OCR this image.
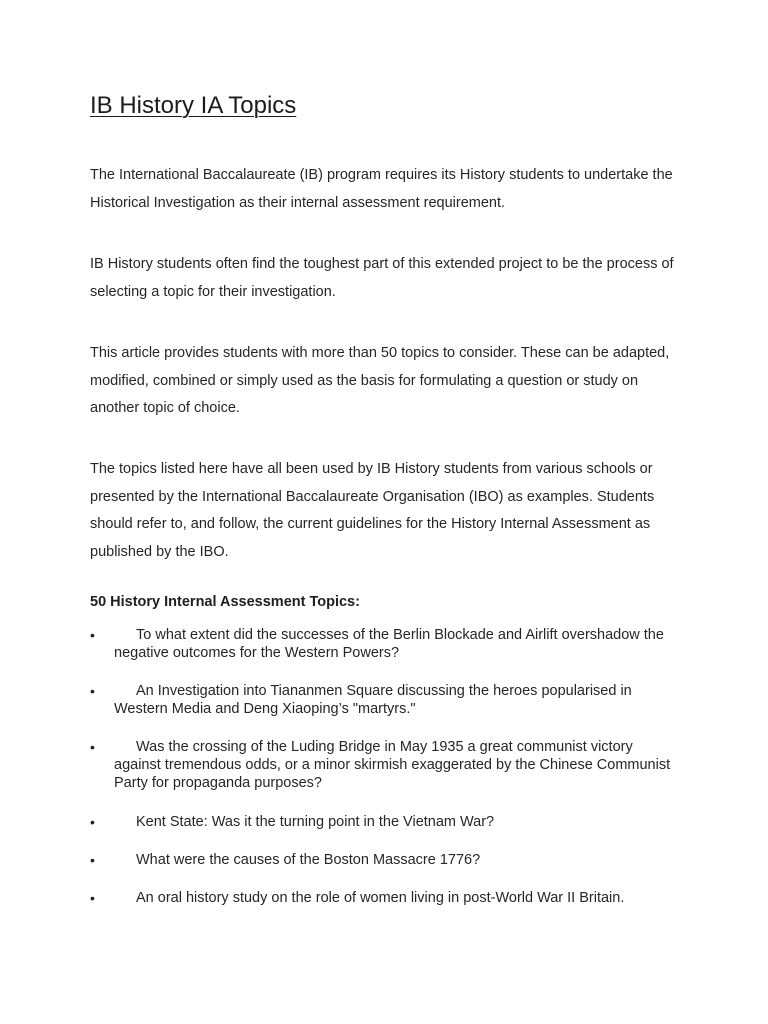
IB History IA Topics

The International Baccalaureate (IB) program requires its History students to undertake the Historical Investigation as their internal assessment requirement.

IB History students often find the toughest part of this extended project to be the process of selecting a topic for their investigation.

This article provides students with more than 50 topics to consider. These can be adapted, modified, combined or simply used as the basis for formulating a question or study on another topic of choice.

The topics listed here have all been used by IB History students from various schools or presented by the International Baccalaureate Organisation (IBO) as examples. Students should refer to, and follow, the current guidelines for the History Internal Assessment as published by the IBO.

50 History Internal Assessment Topics:
•	To what extent did the successes of the Berlin Blockade and Airlift overshadow the negative outcomes for the Western Powers?

•	An Investigation into Tiananmen Square discussing the heroes popularised in Western Media and Deng Xiaoping’s "martyrs."

•	Was the crossing of the Luding Bridge in May 1935 a great communist victory against tremendous odds, or a minor skirmish exaggerated by the Chinese Communist Party for propaganda purposes?

•	Kent State: Was it the turning point in the Vietnam War?

•	What were the causes of the Boston Massacre 1776?

•	An oral history study on the role of women living in post-World War II Britain.
